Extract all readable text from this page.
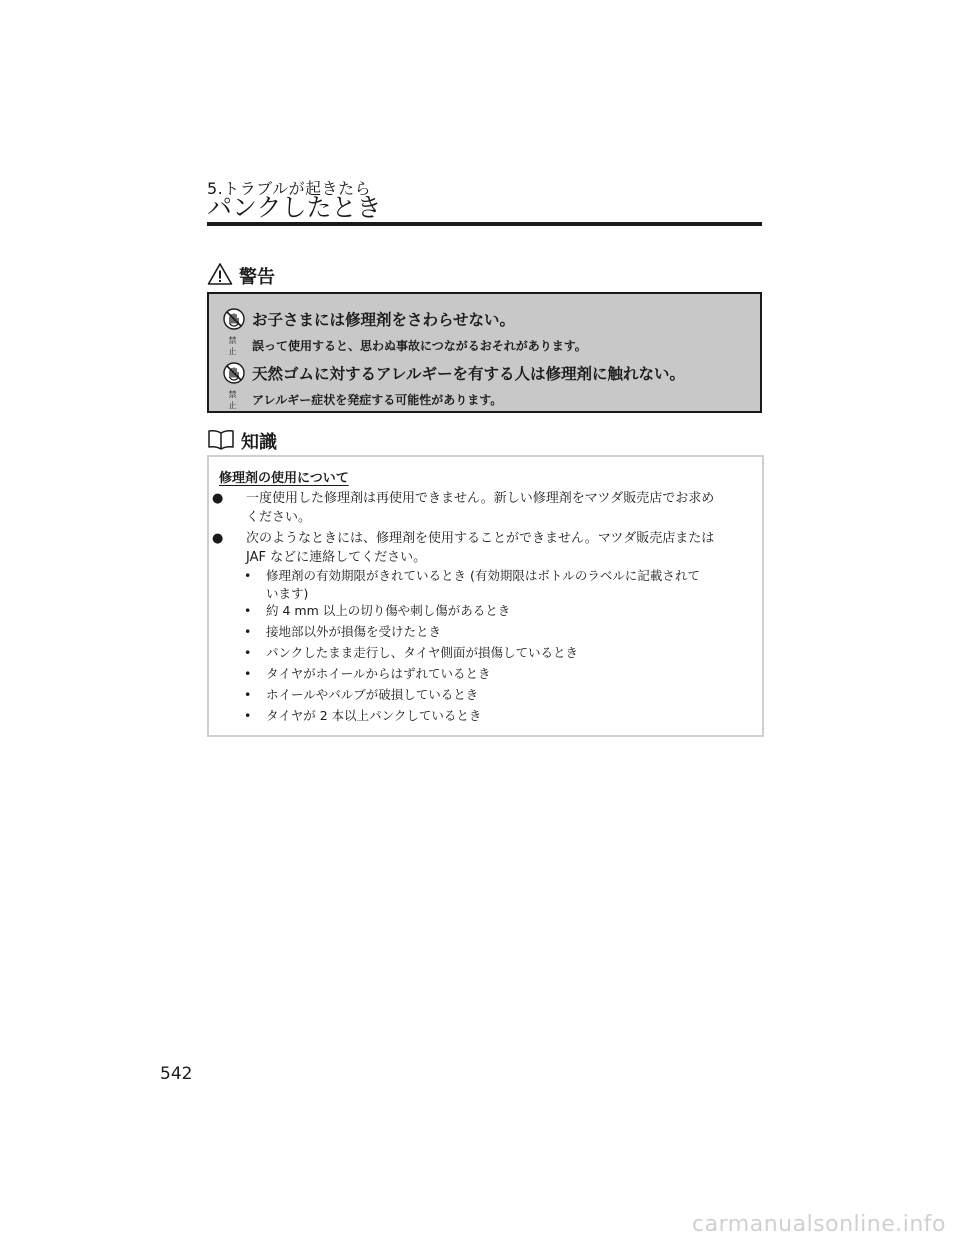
5.トラブルが起きたら
パンクしたとき
警告
禁 止
お子さまには修理剤をさわらせない。
誤って使用すると、思わぬ事故につながるおそれがあります。
禁 止
天然ゴムに対するアレルギーを有する人は修理剤に触れない。
アレルギー症状を発症する可能性があります。
知識
修理剤の使用について
● 一度使用した修理剤は再使用できません。新しい修理剤をマツダ販売店でお求め
ください。
● 次のようなときには、修理剤を使用することができません。マツダ販売店または
JAF などに連絡してください。
• 修理剤の有効期限がきれているとき (有効期限はボトルのラベルに記載されて
います)
• 約 4 mm 以上の切り傷や刺し傷があるとき
• 接地部以外が損傷を受けたとき
• パンクしたまま走行し、タイヤ側面が損傷しているとき
• タイヤがホイールからはずれているとき
• ホイールやバルブが破損しているとき
• タイヤが 2 本以上パンクしているとき
542
carmanualsonline.info
